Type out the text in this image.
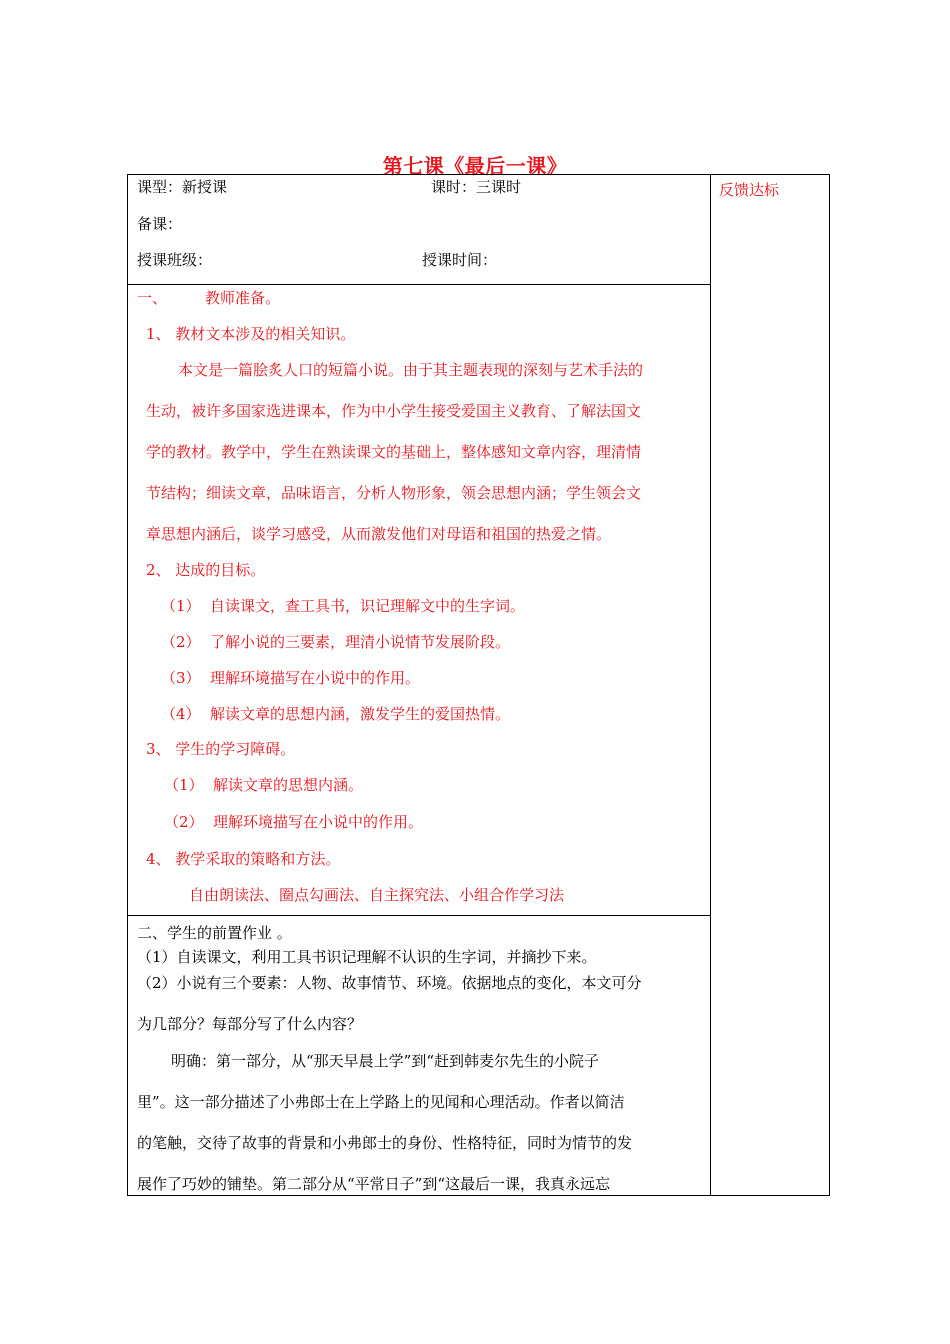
第七课《最后一课》
反馈达标
课型：新授课	课时：三课时
备课：
授课班级：	授课时间：
一、	教师准备。
1、 教材文本涉及的相关知识。
本文是一篇脍炙人口的短篇小说。由于其主题表现的深刻与艺术手法的
生动，被许多国家选进课本，作为中小学生接受爱国主义教育、了解法国文
学的教材。教学中，学生在熟读课文的基础上，整体感知文章内容，理清情
节结构；细读文章，品味语言，分析人物形象，领会思想内涵；学生领会文
章思想内涵后，谈学习感受，从而激发他们对母语和祖国的热爱之情。
2、 达成的目标。
（1） 自读课文，查工具书，识记理解文中的生字词。
（2） 了解小说的三要素，理清小说情节发展阶段。
（3） 理解环境描写在小说中的作用。
（4） 解读文章的思想内涵，激发学生的爱国热情。
3、 学生的学习障碍。
（1） 解读文章的思想内涵。
（2） 理解环境描写在小说中的作用。
4、 教学采取的策略和方法。
自由朗读法、圈点勾画法、自主探究法、小组合作学习法
二、学生的前置作业 。
（1）自读课文，利用工具书识记理解不认识的生字词，并摘抄下来。
（2）小说有三个要素：人物、故事情节、环境。依据地点的变化，本文可分
为几部分？每部分写了什么内容？
明确：第一部分，从“那天早晨上学”到“赶到韩麦尔先生的小院子
里”。这一部分描述了小弗郎士在上学路上的见闻和心理活动。作者以简洁
的笔触，交待了故事的背景和小弗郎士的身份、性格特征，同时为情节的发
展作了巧妙的铺垫。第二部分从“平常日子”到“这最后一课，我真永远忘
